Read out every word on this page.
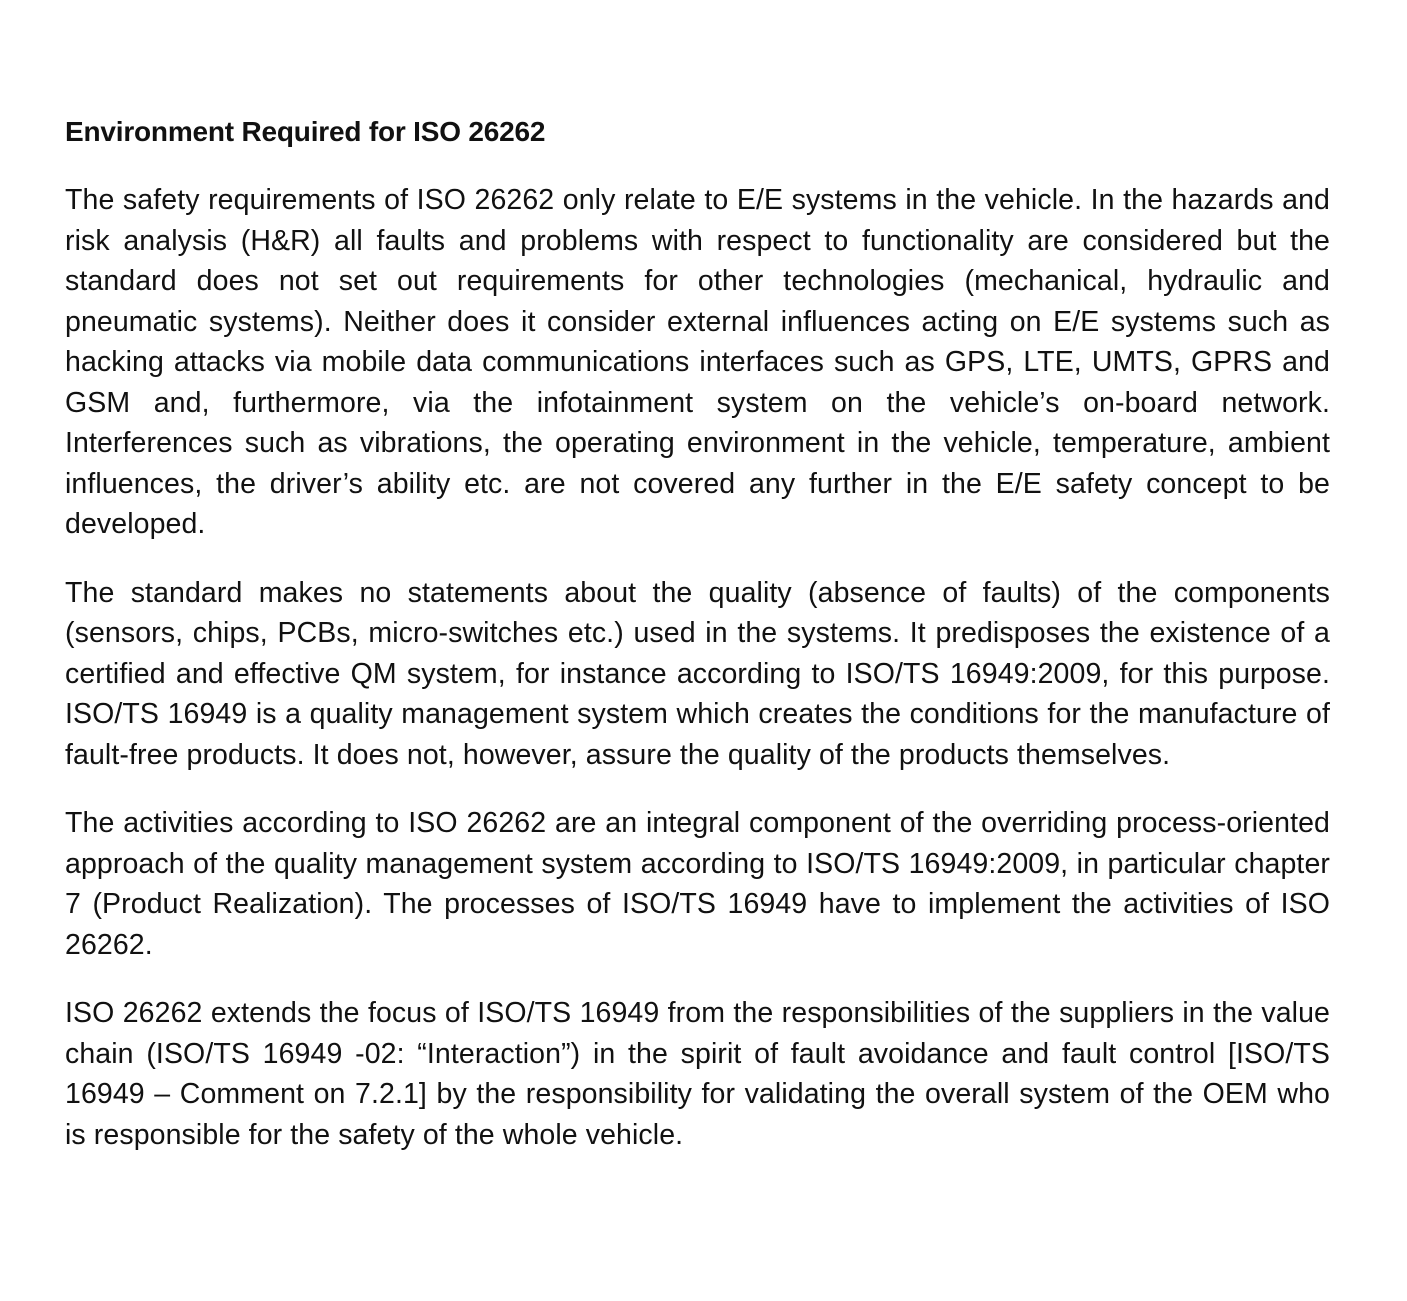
Environment Required for ISO 26262

The safety requirements of ISO 26262 only relate to E/E systems in the vehicle. In the hazards and risk analysis (H&R) all faults and problems with respect to functionality are considered but the standard does not set out requirements for other technologies (mechanical, hydraulic and pneumatic systems). Neither does it consider external influences acting on E/E systems such as hacking attacks via mobile data communications interfaces such as GPS, LTE, UMTS, GPRS and GSM and, furthermore, via the infotainment system on the vehicle’s on-board network. Interferences such as vibrations, the operating environment in the vehicle, temperature, ambient influences, the driver’s ability etc. are not covered any further in the E/E safety concept to be developed.

The standard makes no statements about the quality (absence of faults) of the components (sensors, chips, PCBs, micro-switches etc.) used in the systems. It predisposes the existence of a certified and effective QM system, for instance according to ISO/TS 16949:2009, for this purpose. ISO/TS 16949 is a quality management system which creates the conditions for the manufacture of fault-free products. It does not, however, assure the quality of the products themselves.

The activities according to ISO 26262 are an integral component of the overriding process-oriented approach of the quality management system according to ISO/TS 16949:2009, in particular chapter 7 (Product Realization). The processes of ISO/TS 16949 have to implement the activities of ISO 26262.

ISO 26262 extends the focus of ISO/TS 16949 from the responsibilities of the suppliers in the value chain (ISO/TS 16949 -02: “Interaction”) in the spirit of fault avoidance and fault control [ISO/TS 16949 – Comment on 7.2.1] by the responsibility for validating the overall system of the OEM who is responsible for the safety of the whole vehicle.
